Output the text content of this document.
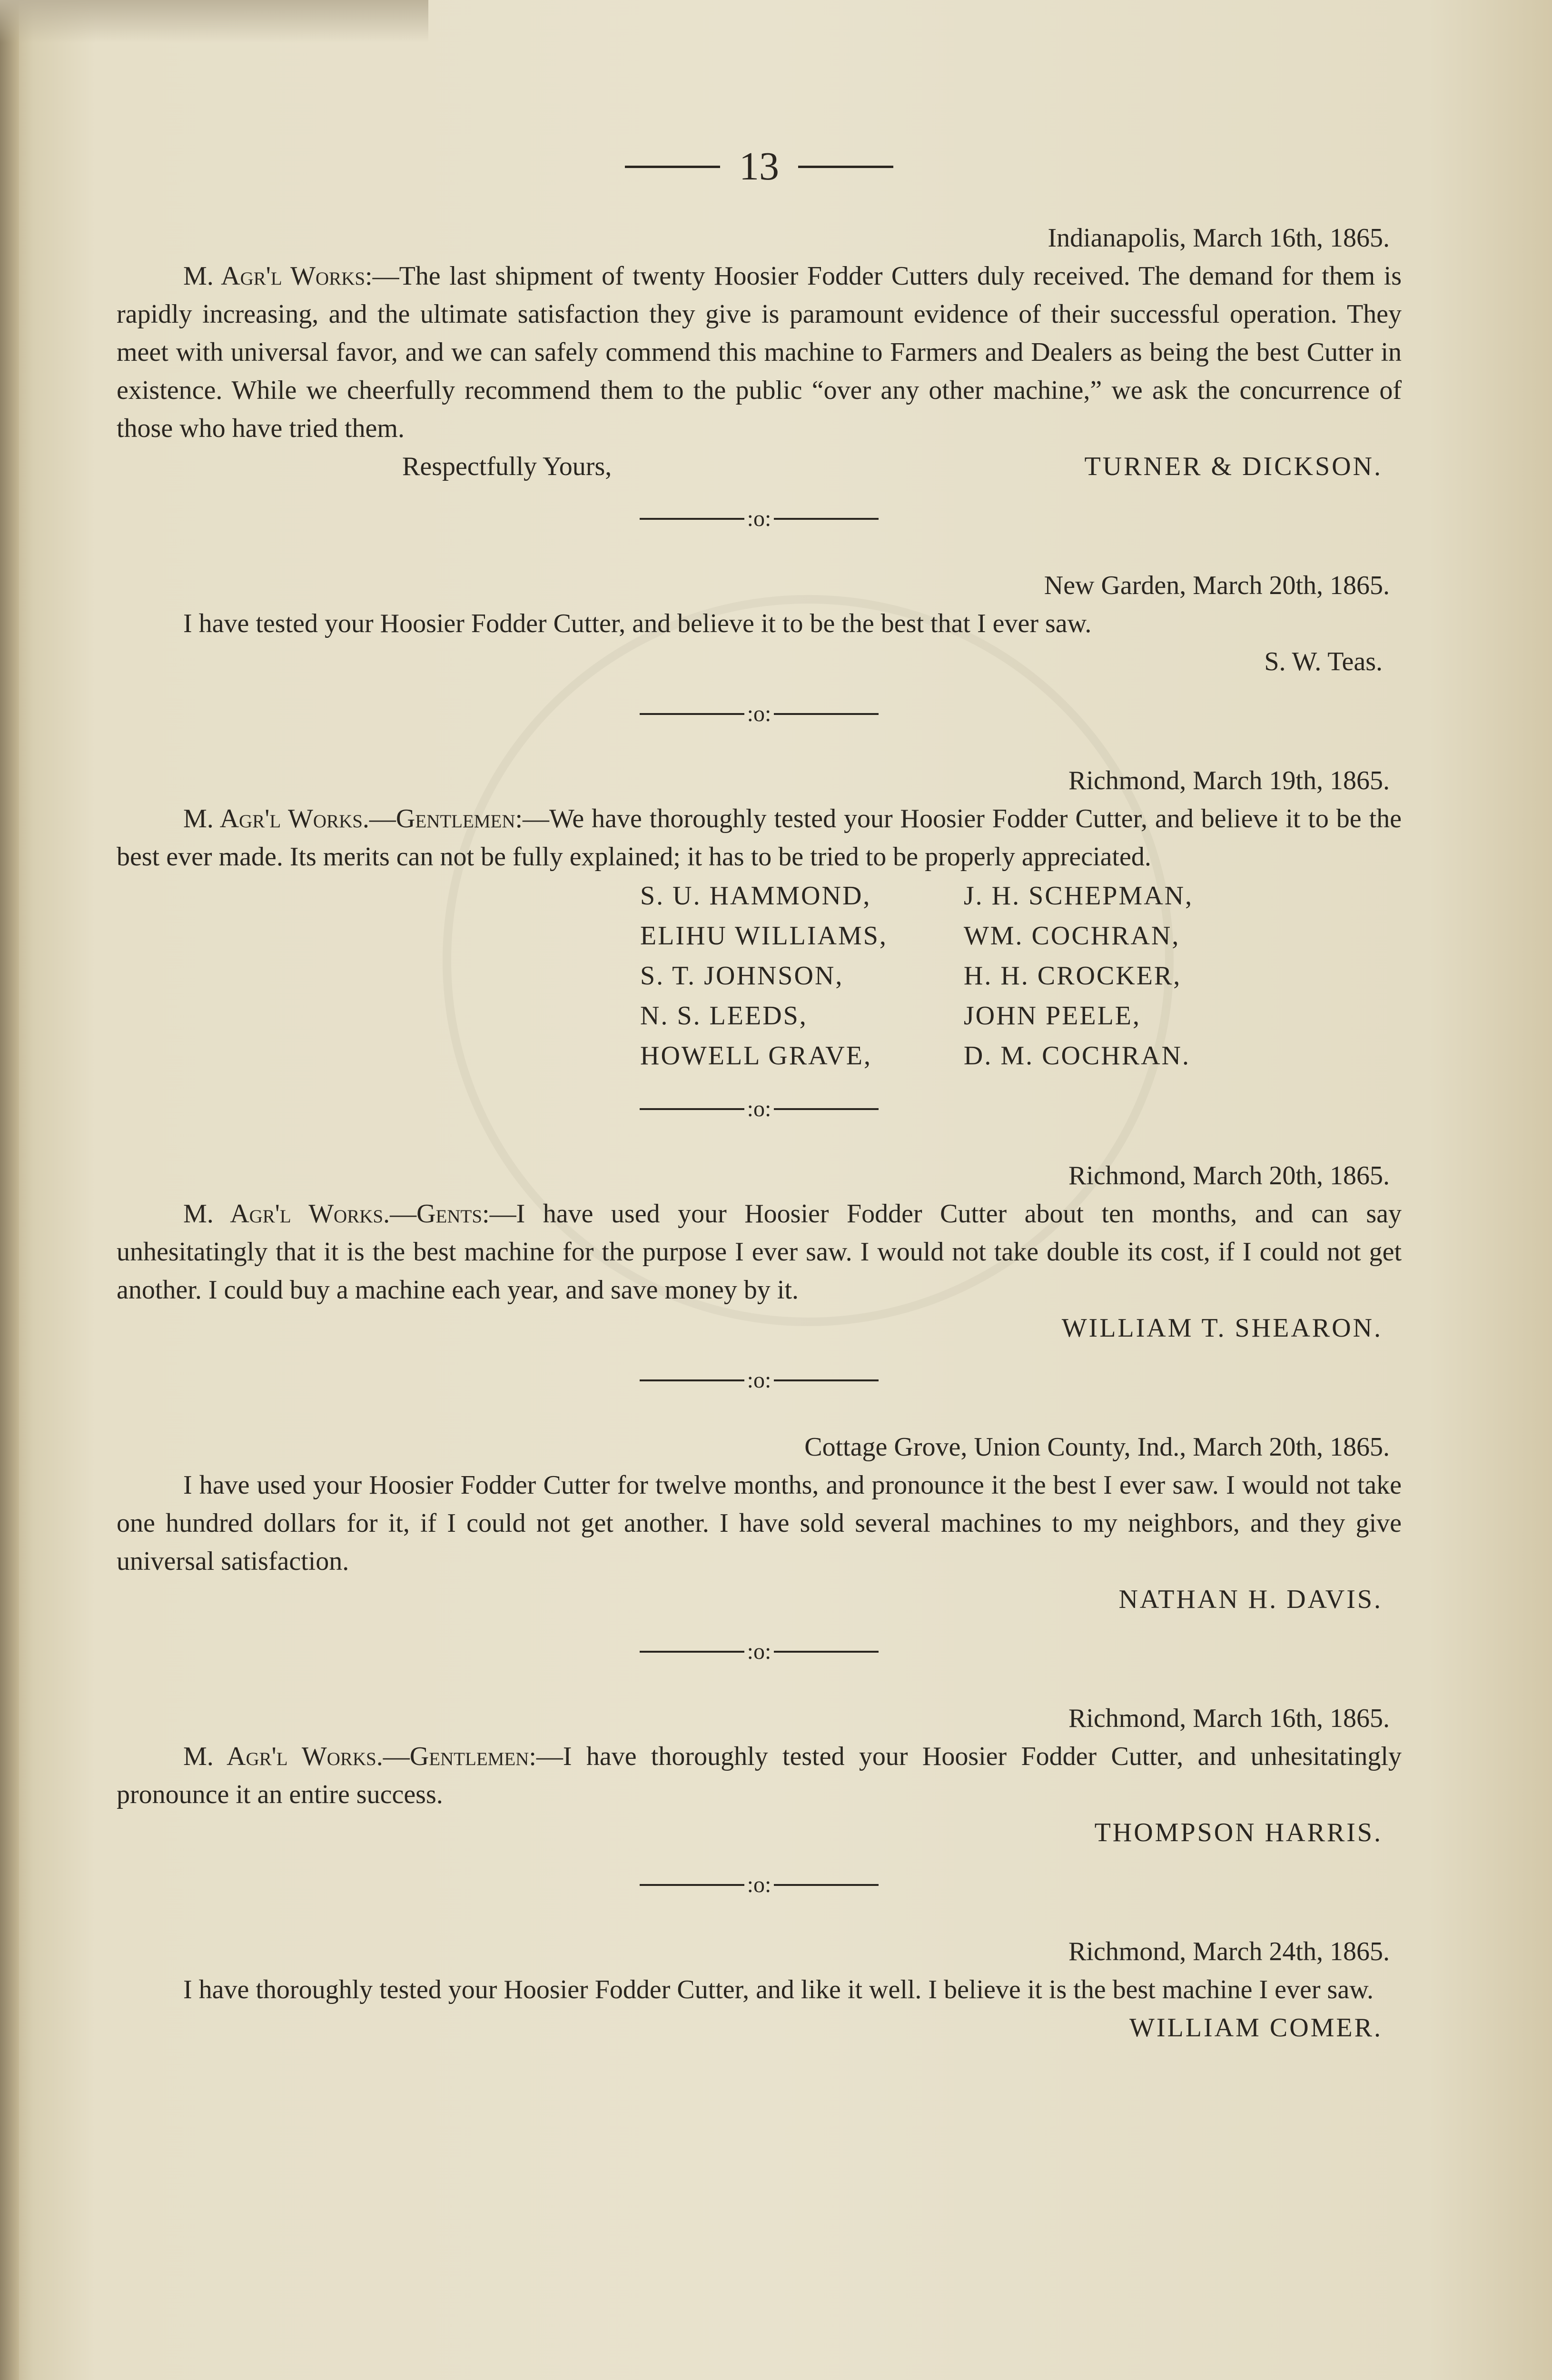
13
Indianapolis, March 16th, 1865.
M. Agr'l Works:—The last shipment of twenty Hoosier Fodder Cutters duly received. The demand for them is rapidly increasing, and the ultimate satisfaction they give is paramount evidence of their successful operation. They meet with universal favor, and we can safely commend this machine to Farmers and Dealers as being the best Cutter in existence. While we cheerfully recommend them to the public “over any other machine,” we ask the concurrence of those who have tried them.
Respectfully Yours,	TURNER & DICKSON.
:o:
New Garden, March 20th, 1865.
I have tested your Hoosier Fodder Cutter, and believe it to be the best that I ever saw.
S. W. Teas.
:o:
Richmond, March 19th, 1865.
M. Agr'l Works.—Gentlemen:—We have thoroughly tested your Hoosier Fodder Cutter, and believe it to be the best ever made. Its merits can not be fully explained; it has to be tried to be properly appreciated.
S. U. HAMMOND,
ELIHU WILLIAMS,
S. T. JOHNSON,
N. S. LEEDS,
HOWELL GRAVE,
J. H. SCHEPMAN,
WM. COCHRAN,
H. H. CROCKER,
JOHN PEELE,
D. M. COCHRAN.
:o:
Richmond, March 20th, 1865.
M. Agr'l Works.—Gents:—I have used your Hoosier Fodder Cutter about ten months, and can say unhesitatingly that it is the best machine for the purpose I ever saw. I would not take double its cost, if I could not get another. I could buy a machine each year, and save money by it.
WILLIAM T. SHEARON.
:o:
Cottage Grove, Union County, Ind., March 20th, 1865.
I have used your Hoosier Fodder Cutter for twelve months, and pronounce it the best I ever saw. I would not take one hundred dollars for it, if I could not get another. I have sold several machines to my neighbors, and they give universal satisfaction.
NATHAN H. DAVIS.
:o:
Richmond, March 16th, 1865.
M. Agr'l Works.—Gentlemen:—I have thoroughly tested your Hoosier Fodder Cutter, and unhesitatingly pronounce it an entire success.
THOMPSON HARRIS.
:o:
Richmond, March 24th, 1865.
I have thoroughly tested your Hoosier Fodder Cutter, and like it well. I believe it is the best machine I ever saw.
WILLIAM COMER.
